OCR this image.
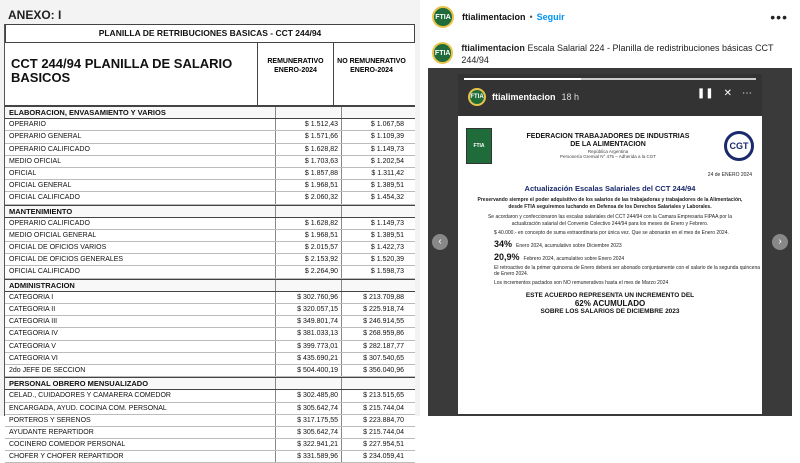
ANEXO: I
PLANILLA DE RETRIBUCIONES BASICAS - CCT 244/94
CCT 244/94 PLANILLA DE SALARIO BASICOS
REMUNERATIVO ENERO-2024
NO REMUNERATIVO ENERO-2024
ELABORACION, ENVASAMIENTO Y VARIOS
OPERARIO	$ 1.512,43	$ 1.067,58
OPERARIO GENERAL	$ 1.571,66	$ 1.109,39
OPERARIO CALIFICADO	$ 1.628,82	$ 1.149,73
MEDIO OFICIAL	$ 1.703,63	$ 1.202,54
OFICIAL	$ 1.857,88	$ 1.311,42
OFICIAL GENERAL	$ 1.968,51	$ 1.389,51
OFICIAL CALIFICADO	$ 2.060,32	$ 1.454,32
MANTENIMIENTO
OPERARIO CALIFICADO	$ 1.628,82	$ 1.149,73
MEDIO OFICIAL GENERAL	$ 1.968,51	$ 1.389,51
OFICIAL DE OFICIOS VARIOS	$ 2.015,57	$ 1.422,73
OFICIAL DE OFICIOS GENERALES	$ 2.153,92	$ 1.520,39
OFICIAL CALIFICADO	$ 2.264,90	$ 1.598,73
ADMINISTRACION
CATEGORIA I	$ 302.760,96	$ 213.709,88
CATEGORIA II	$ 320.057,15	$ 225.918,74
CATEGORIA III	$ 349.801,74	$ 246.914,55
CATEGORIA IV	$ 381.033,13	$ 268.959,86
CATEGORIA V	$ 399.773,01	$ 282.187,77
CATEGORIA VI	$ 435.690,21	$ 307.540,65
2do JEFE DE SECCION	$ 504.400,19	$ 356.040,96
PERSONAL OBRERO MENSUALIZADO
CELAD., CUIDADORES Y CAMARERA COMEDOR	$ 302.485,80	$ 213.515,65
ENCARGADA, AYUD. COCINA COM. PERSONAL	$ 305.642,74	$ 215.744,04
PORTEROS Y SERENOS	$ 317.175,55	$ 223.884,70
AYUDANTE REPARTIDOR	$ 305.642,74	$ 215.744,04
COCINERO COMEDOR PERSONAL	$ 322.941,21	$ 227.954,51
CHOFER Y CHOFER REPARTIDOR	$ 331.589,96	$ 234.059,41
FTIA	ftialimentacion • Seguir	•••
FTIA	ftialimentacion Escala Salarial 224 - Planilla de redistribuciones básicas CCT 244/94
‹	›
FTIA ftialimentacion 18 h	❚❚ ✕ ⋯
FTIA
FEDERACION TRABAJADORES DE INDUSTRIAS
DE LA ALIMENTACION
República Argentina
Personería Gremial N° 475 – Adherida a la CGT
CGT
24 de ENERO 2024
Actualización Escalas Salariales del CCT 244/94
Preservando siempre el poder adquisitivo de los salarios de las trabajadoras y trabajadores de la Alimentación, desde FTIA seguiremos luchando en Defensa de los Derechos Salariales y Laborales.
Se acordaron y confeccionaron las escalas salariales del CCT 244/94 con la Camara Empresaria FIPAA por la actualización salarial del Convenio Colectivo 244/94 para los meses de Enero y Febrero.
$ 40.000.- en concepto de suma extraordinaria por única vez. Que se abonarán en el mes de Enero 2024.
34% Enero 2024, acumulativo sobre Diciembre 2023
20,9% Febrero 2024, acumulativo sobre Enero 2024
El retroactivo de la primer quincena de Enero deberá ser abonado conjuntamente con el salario de la segunda quincena de Enero 2024.
Los incrementos pactados son NO remunerativos hasta el mes de Marzo 2024
ESTE ACUERDO REPRESENTA UN INCREMENTO DEL
62% ACUMULADO
SOBRE LOS SALARIOS DE DICIEMBRE 2023
